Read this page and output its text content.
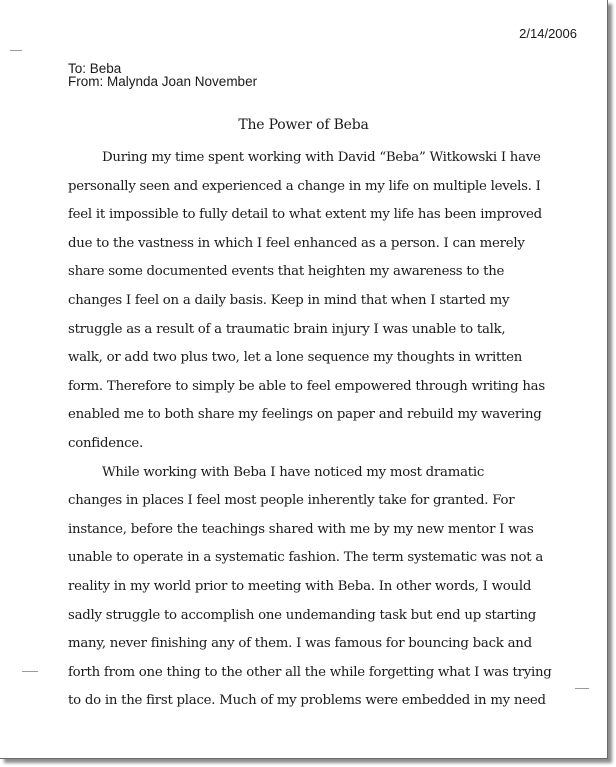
2/14/2006
To: Beba
From: Malynda Joan November
The Power of Beba
During my time spent working with David “Beba” Witkowski I have
personally seen and experienced a change in my life on multiple levels. I
feel it impossible to fully detail to what extent my life has been improved
due to the vastness in which I feel enhanced as a person. I can merely
share some documented events that heighten my awareness to the
changes I feel on a daily basis. Keep in mind that when I started my
struggle as a result of a traumatic brain injury I was unable to talk,
walk, or add two plus two, let a lone sequence my thoughts in written
form. Therefore to simply be able to feel empowered through writing has
enabled me to both share my feelings on paper and rebuild my wavering
confidence.
While working with Beba I have noticed my most dramatic
changes in places I feel most people inherently take for granted. For
instance, before the teachings shared with me by my new mentor I was
unable to operate in a systematic fashion. The term systematic was not a
reality in my world prior to meeting with Beba. In other words, I would
sadly struggle to accomplish one undemanding task but end up starting
many, never finishing any of them. I was famous for bouncing back and
forth from one thing to the other all the while forgetting what I was trying
to do in the first place. Much of my problems were embedded in my need
